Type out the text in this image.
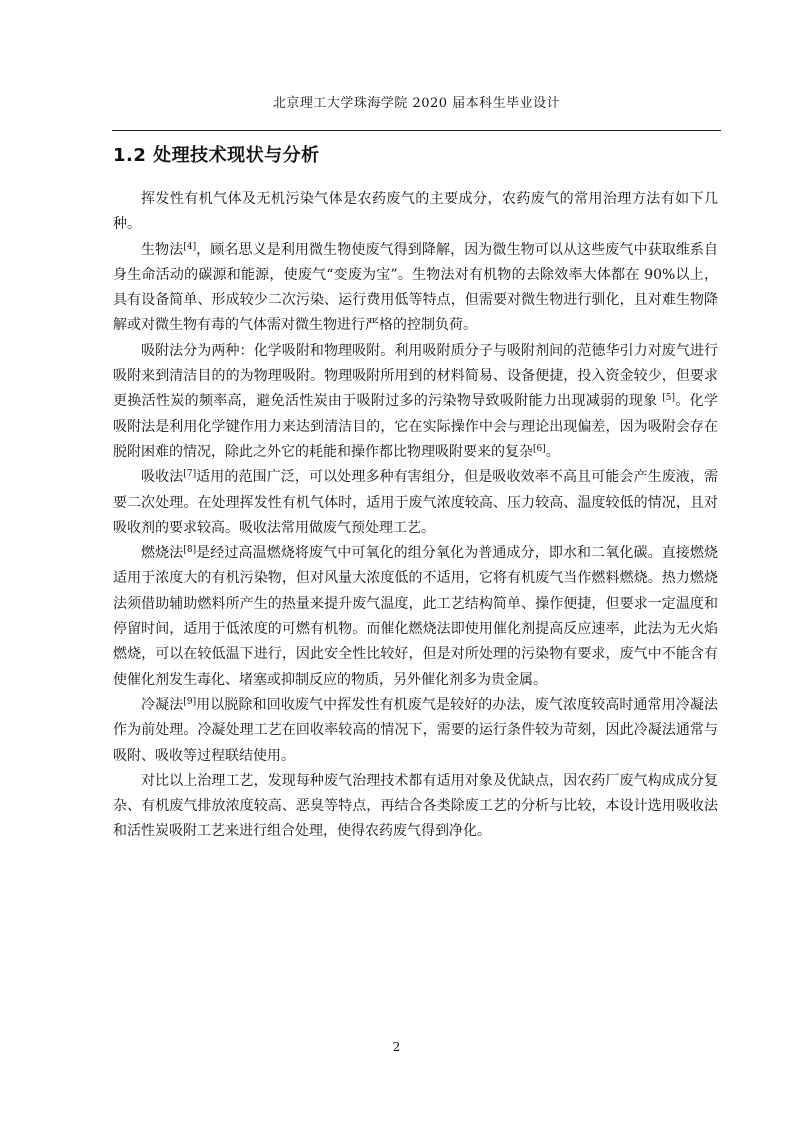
北京理工大学珠海学院 2020 届本科生毕业设计
1.2 处理技术现状与分析

挥发性有机气体及无机污染气体是农药废气的主要成分，农药废气的常用治理方法有如下几种。

生物法[4]，顾名思义是利用微生物使废气得到降解，因为微生物可以从这些废气中获取维系自身生命活动的碳源和能源，使废气“变废为宝”。生物法对有机物的去除效率大体都在 90%以上，具有设备简单、形成较少二次污染、运行费用低等特点，但需要对微生物进行驯化，且对难生物降解或对微生物有毒的气体需对微生物进行严格的控制负荷。

吸附法分为两种：化学吸附和物理吸附。利用吸附质分子与吸附剂间的范德华引力对废气进行吸附来到清洁目的的为物理吸附。物理吸附所用到的材料简易、设备便捷，投入资金较少，但要求更换活性炭的频率高，避免活性炭由于吸附过多的污染物导致吸附能力出现减弱的现象 [5]。化学吸附法是利用化学键作用力来达到清洁目的，它在实际操作中会与理论出现偏差，因为吸附会存在脱附困难的情况，除此之外它的耗能和操作都比物理吸附要来的复杂[6]。

吸收法[7]适用的范围广泛，可以处理多种有害组分，但是吸收效率不高且可能会产生废液，需要二次处理。在处理挥发性有机气体时，适用于废气浓度较高、压力较高、温度较低的情况，且对吸收剂的要求较高。吸收法常用做废气预处理工艺。

燃烧法[8]是经过高温燃烧将废气中可氧化的组分氧化为普通成分，即水和二氧化碳。直接燃烧适用于浓度大的有机污染物，但对风量大浓度低的不适用，它将有机废气当作燃料燃烧。热力燃烧法须借助辅助燃料所产生的热量来提升废气温度，此工艺结构简单、操作便捷，但要求一定温度和停留时间，适用于低浓度的可燃有机物。而催化燃烧法即使用催化剂提高反应速率，此法为无火焰燃烧，可以在较低温下进行，因此安全性比较好，但是对所处理的污染物有要求，废气中不能含有使催化剂发生毒化、堵塞或抑制反应的物质，另外催化剂多为贵金属。

冷凝法[9]用以脱除和回收废气中挥发性有机废气是较好的办法，废气浓度较高时通常用冷凝法作为前处理。冷凝处理工艺在回收率较高的情况下，需要的运行条件较为苛刻，因此冷凝法通常与吸附、吸收等过程联结使用。

对比以上治理工艺，发现每种废气治理技术都有适用对象及优缺点，因农药厂废气构成成分复杂、有机废气排放浓度较高、恶臭等特点，再结合各类除废工艺的分析与比较，本设计选用吸收法和活性炭吸附工艺来进行组合处理，使得农药废气得到净化。

2
